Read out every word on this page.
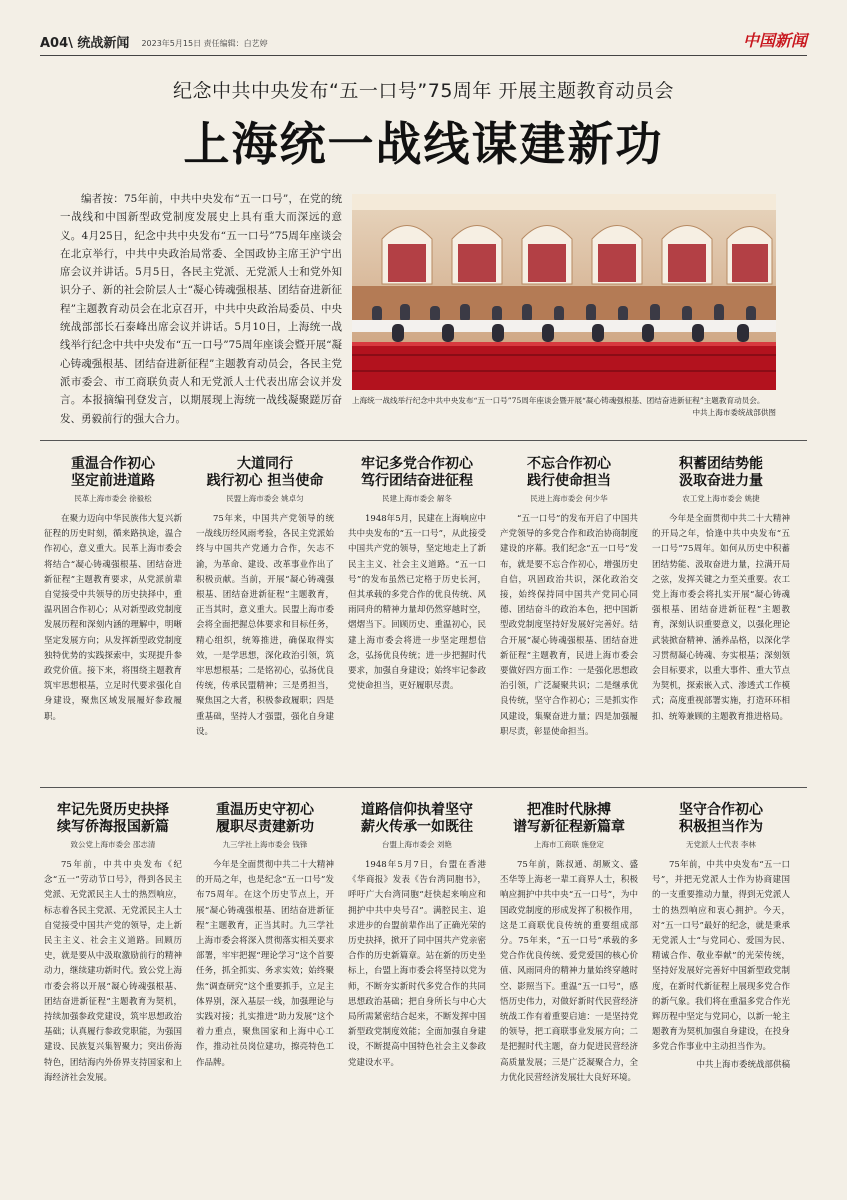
A04\ 统战新闻 2023年5月15日 责任编辑：白艺婷	中国新闻
纪念中共中央发布“五一口号”75周年 开展主题教育动员会
上海统一战线谋建新功
编者按：75年前，中共中央发布“五一口号”，在党的统一战线和中国新型政党制度发展史上具有重大而深远的意义。4月25日，纪念中共中央发布“五一口号”75周年座谈会在北京举行，中共中央政治局常委、全国政协主席王沪宁出席会议并讲话。5月5日，各民主党派、无党派人士和党外知识分子、新的社会阶层人士“凝心铸魂强根基、团结奋进新征程”主题教育动员会在北京召开，中共中央政治局委员、中央统战部部长石泰峰出席会议并讲话。5月10日，上海统一战线举行纪念中共中央发布“五一口号”75周年座谈会暨开展“凝心铸魂强根基、团结奋进新征程”主题教育动员会，各民主党派市委会、市工商联负责人和无党派人士代表出席会议并发言。本报摘编刊登发言，以期展现上海统一战线凝聚蹉厉奋发、勇毅前行的强大合力。
上海统一战线举行纪念中共中央发布“五一口号”75周年座谈会暨开展“凝心铸魂强根基、团结奋进新征程”主题教育动员会。
中共上海市委统战部供图
重温合作初心
坚定前进道路
民革上海市委会 徐毅松
在聚力迈向中华民族伟大复兴新征程的历史时刻，循来路执途，温合作初心，意义重大。民革上海市委会将结合“凝心铸魂强根基、团结奋进新征程”主题教育要求，从党派前辈自觉接受中共领导的历史抉择中，重温巩固合作初心；从对新型政党制度发展历程和深刻内涵的理解中，明晰坚定发展方向；从发挥新型政党制度独特优势的实践探索中，实现提升参政党价值。接下来，将围绕主题教育筑牢思想根基，立足时代要求强化自身建设，聚焦区域发展履好参政履职。
大道同行
践行初心 担当使命
民盟上海市委会 姚卓匀
75年来，中国共产党领导的统一战线历经风雨考验，各民主党派始终与中国共产党通力合作，矢志不渝，为革命、建设、改革事业作出了积极贡献。当前，开展“凝心铸魂强根基、团结奋进新征程”主题教育，正当其时，意义重大。民盟上海市委会将全面把握总体要求和目标任务，精心组织，统筹推进，确保取得实效，一是学思想，深化政治引领，筑牢思想根基；二是铭初心，弘扬优良传统，传承民盟精神；三是勇担当，聚焦国之大者，积极参政履职；四是重基础，坚持人才强盟，强化自身建设。
牢记多党合作初心
笃行团结奋进征程
民建上海市委会 解冬
1948年5月，民建在上海响应中共中央发布的“五一口号”，从此接受中国共产党的领导，坚定地走上了新民主主义、社会主义道路。“五一口号”的发布虽然已定格于历史长河，但其承载的多党合作的优良传统、风雨同舟的精神力量却仍然穿越时空，熠熠当下。回顾历史、重温初心，民建上海市委会将进一步坚定理想信念，弘扬优良传统；进一步把握时代要求，加强自身建设；始终牢记参政党使命担当，更好履职尽责。
不忘合作初心
践行使命担当
民进上海市委会 何少华
“五一口号”的发布开启了中国共产党领导的多党合作和政治协商制度建设的序幕。我们纪念“五一口号”发布，就是要不忘合作初心，增强历史自信，巩固政治共识，深化政治交接，始终保持同中国共产党同心同德、团结奋斗的政治本色，把中国新型政党制度坚持好发展好完善好。结合开展“凝心铸魂强根基、团结奋进新征程”主题教育，民进上海市委会要做好四方面工作：一是强化思想政治引领，广泛凝聚共识；二是继承优良传统，坚守合作初心；三是抓实作风建设，集聚奋进力量；四是加强履职尽责，彰显使命担当。
积蓄团结势能
汲取奋进力量
农工党上海市委会 姚捷
今年是全面贯彻中共二十大精神的开局之年，恰逢中共中央发布“五一口号”75周年。如何从历史中积蓄团结势能、汲取奋进力量，拉满开局之弦，发挥关键之力至关重要。农工党上海市委会将扎实开展“凝心铸魂强根基、团结奋进新征程”主题教育，深刻认识重要意义，以强化理论武装掀奋精神、涵养品格，以深化学习贯彻凝心铸魂、夯实根基；深刻领会目标要求，以重大事件、重大节点为契机，探索嵌入式、渗透式工作模式；高度重视部署实施，打造环环相扣、统筹兼顾的主题教育推进格局。
牢记先贤历史抉择
续写侨海报国新篇
致公党上海市委会 邵志清
75年前，中共中央发布《纪念“五一”劳动节口号》，得到各民主党派、无党派民主人士的热烈响应，标志着各民主党派、无党派民主人士自觉接受中国共产党的领导，走上新民主主义、社会主义道路。回顾历史，就是要从中汲取激励前行的精神动力，继续建功新时代。致公党上海市委会将以开展“凝心铸魂强根基、团结奋进新征程”主题教育为契机，持续加强参政党建设，筑牢思想政治基础；认真履行参政党职能，为强国建设、民族复兴集智聚力；突出侨海特色，团结海内外侨界支持国家和上海经济社会发展。
重温历史守初心
履职尽责建新功
九三学社上海市委会 钱锋
今年是全面贯彻中共二十大精神的开局之年，也是纪念“五一口号”发布75周年。在这个历史节点上，开展“凝心铸魂强根基、团结奋进新征程”主题教育，正当其时。九三学社上海市委会将深入贯彻落实相关要求部署，牢牢把握“理论学习”这个首要任务，抓全抓实、务求实效；始终聚焦“调查研究”这个重要抓手，立足主体界别，深入基层一线，加强理论与实践对接；扎实推进“助力发展”这个着力重点，聚焦国家和上海中心工作，推动社员岗位建功，擦亮特色工作品牌。
道路信仰执着坚守
薪火传承一如既往
台盟上海市委会 刘艳
1948年5月7日，台盟在香港《华商报》发表《告台湾同胞书》，呼吁广大台湾同胞“赶快起来响应和拥护中共中央号召”。满腔民主、追求进步的台盟前辈作出了正确光荣的历史抉择，掀开了同中国共产党亲密合作的历史新篇章。站在新的历史坐标上，台盟上海市委会将坚持以党为师，不断夯实新时代多党合作的共同思想政治基础；把自身所长与中心大局所需紧密结合起来，不断发挥中国新型政党制度效能；全面加强自身建设，不断提高中国特色社会主义参政党建设水平。
把准时代脉搏
谱写新征程新篇章
上海市工商联 施登定
75年前，陈叔通、胡厥文、盛丕华等上海老一辈工商界人士，积极响应拥护中共中央“五一口号”，为中国政党制度的形成发挥了积极作用，这是工商联优良传统的重要组成部分。75年来，“五一口号”承载的多党合作优良传统、爱党爱国的核心价值、风雨同舟的精神力量始终穿越时空、影照当下。重温“五一口号”，感悟历史伟力，对做好新时代民营经济统战工作有着重要启迪：一是坚持党的领导，把工商联事业发展方向；二是把握时代主题，奋力促进民营经济高质量发展；三是广泛凝聚合力，全力优化民营经济发展壮大良好环境。
坚守合作初心
积极担当作为
无党派人士代表 李林
75年前，中共中央发布“五一口号”，并把无党派人士作为协商建国的一支重要推动力量，得到无党派人士的热烈响应和衷心拥护。今天，对“五一口号”最好的纪念，就是秉承无党派人士“与党同心、爱国为民、精诚合作、敬业奉献”的光荣传统，坚持好发展好完善好中国新型政党制度，在新时代新征程上展现多党合作的新气象。我们将在重温多党合作光辉历程中坚定与党同心，以新一轮主题教育为契机加强自身建设，在投身多党合作事业中主动担当作为。
中共上海市委统战部供稿
